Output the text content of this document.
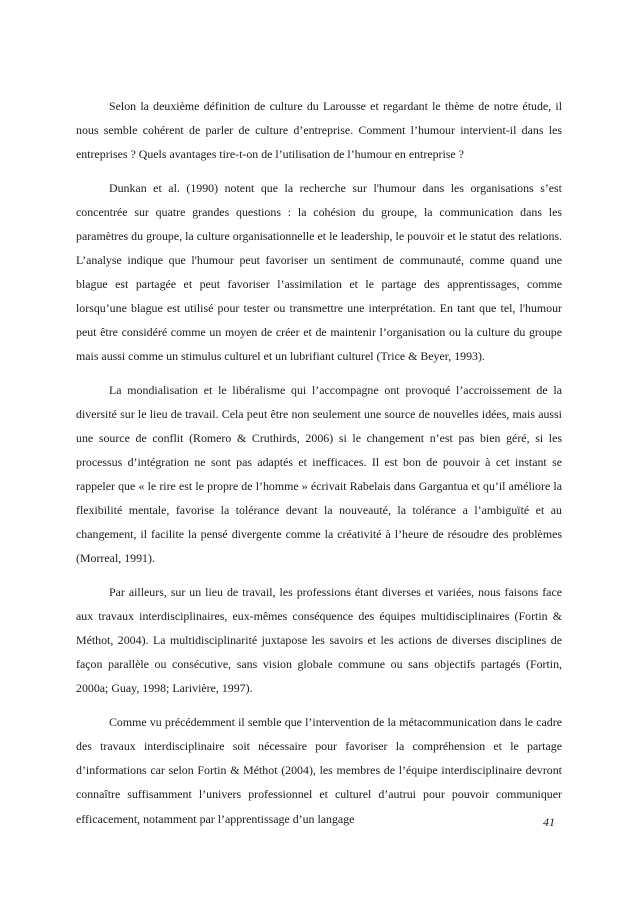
Selon la deuxième définition de culture du Larousse et regardant le thème de notre étude, il nous semble cohérent de parler de culture d’entreprise. Comment l’humour intervient-il dans les entreprises ? Quels avantages tire-t-on de l’utilisation de l’humour en entreprise ?

Dunkan et al. (1990) notent que la recherche sur l'humour dans les organisations s’est concentrée sur quatre grandes questions : la cohésion du groupe, la communication dans les paramètres du groupe, la culture organisationnelle et le leadership, le pouvoir et le statut des relations. L’analyse indique que l'humour peut favoriser un sentiment de communauté, comme quand une blague est partagée et peut favoriser l’assimilation et le partage des apprentissages, comme lorsqu’une blague est utilisé pour tester ou transmettre une interprétation. En tant que tel, l'humour peut être considéré comme un moyen de créer et de maintenir l’organisation ou la culture du groupe mais aussi comme un stimulus culturel et un lubrifiant culturel (Trice & Beyer, 1993).

La mondialisation et le libéralisme qui l’accompagne ont provoqué l’accroissement de la diversité sur le lieu de travail. Cela peut être non seulement une source de nouvelles idées, mais aussi une source de conflit (Romero & Cruthirds, 2006) si le changement n’est pas bien géré, si les processus d’intégration ne sont pas adaptés et inefficaces. Il est bon de pouvoir à cet instant se rappeler que « le rire est le propre de l’homme » écrivait Rabelais dans Gargantua et qu’il améliore la flexibilité mentale, favorise la tolérance devant la nouveauté, la tolérance a l’ambiguïté et au changement, il facilite la pensé divergente comme la créativité à l’heure de résoudre des problèmes (Morreal, 1991).

Par ailleurs, sur un lieu de travail, les professions étant diverses et variées, nous faisons face aux travaux interdisciplinaires, eux-mêmes conséquence des équipes multidisciplinaires (Fortin & Méthot, 2004). La multidisciplinarité juxtapose les savoirs et les actions de diverses disciplines de façon parallèle ou consécutive, sans vision globale commune ou sans objectifs partagés (Fortin, 2000a; Guay, 1998; Larivière, 1997).

Comme vu précédemment il semble que l’intervention de la métacommunication dans le cadre des travaux interdisciplinaire soit nécessaire pour favoriser la compréhension et le partage d’informations car selon Fortin & Méthot (2004), les membres de l’équipe interdisciplinaire devront connaître suffisamment l’univers professionnel et culturel d’autrui pour pouvoir communiquer efficacement, notamment par l’apprentissage d’un langage	41
